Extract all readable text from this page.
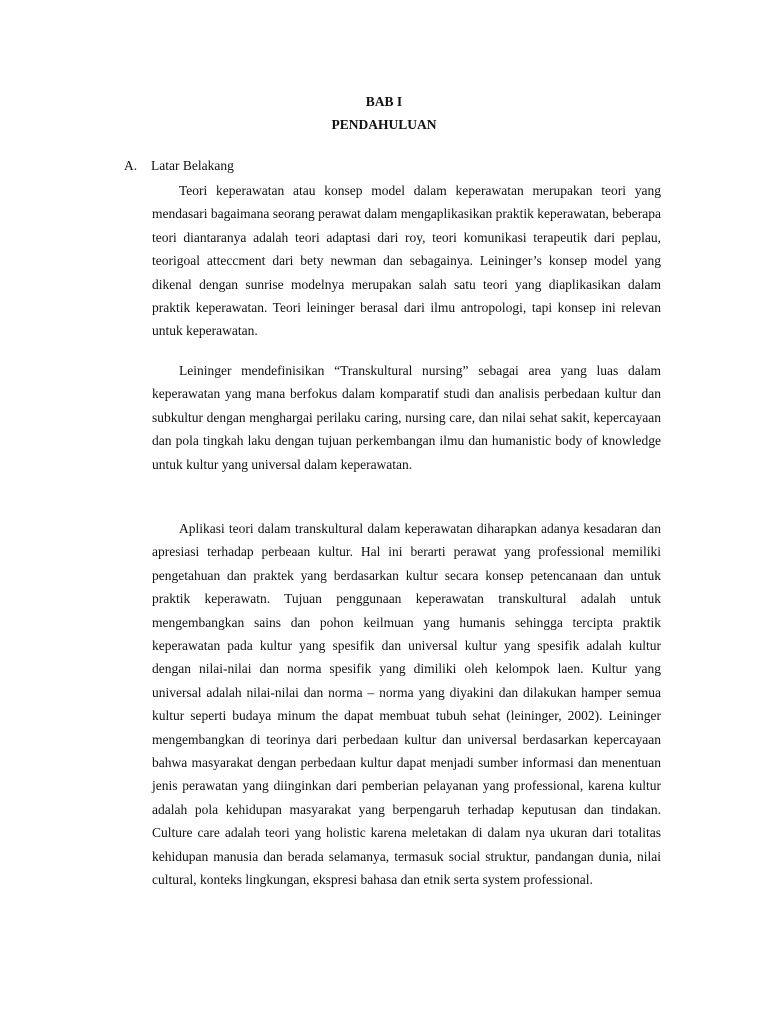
BAB I
PENDAHULUAN
A. Latar Belakang

Teori keperawatan atau konsep model dalam keperawatan merupakan teori yang mendasari bagaimana seorang perawat dalam mengaplikasikan praktik keperawatan, beberapa teori diantaranya adalah teori adaptasi dari roy, teori komunikasi terapeutik dari peplau, teorigoal atteccment dari bety newman dan sebagainya. Leininger’s konsep model yang dikenal dengan sunrise modelnya merupakan salah satu teori yang diaplikasikan dalam praktik keperawatan. Teori leininger berasal dari ilmu antropologi, tapi konsep ini relevan untuk keperawatan.

Leininger mendefinisikan “Transkultural nursing” sebagai area yang luas dalam keperawatan yang mana berfokus dalam komparatif studi dan analisis perbedaan kultur dan subkultur dengan menghargai perilaku caring, nursing care, dan nilai sehat sakit, kepercayaan dan pola tingkah laku dengan tujuan perkembangan ilmu dan humanistic body of knowledge untuk kultur yang universal dalam keperawatan.

Aplikasi teori dalam transkultural dalam keperawatan diharapkan adanya kesadaran dan apresiasi terhadap perbeaan kultur. Hal ini berarti perawat yang professional memiliki pengetahuan dan praktek yang berdasarkan kultur secara konsep petencanaan dan untuk praktik keperawatn. Tujuan penggunaan keperawatan transkultural adalah untuk mengembangkan sains dan pohon keilmuan yang humanis sehingga tercipta praktik keperawatan pada kultur yang spesifik dan universal kultur yang spesifik adalah kultur dengan nilai-nilai dan norma spesifik yang dimiliki oleh kelompok laen. Kultur yang universal adalah nilai-nilai dan norma – norma yang diyakini dan dilakukan hamper semua kultur seperti budaya minum the dapat membuat tubuh sehat (leininger, 2002). Leininger mengembangkan di teorinya dari perbedaan kultur dan universal berdasarkan kepercayaan bahwa masyarakat dengan perbedaan kultur dapat menjadi sumber informasi dan menentuan jenis perawatan yang diinginkan dari pemberian pelayanan yang professional, karena kultur adalah pola kehidupan masyarakat yang berpengaruh terhadap keputusan dan tindakan. Culture care adalah teori yang holistic karena meletakan di dalam nya ukuran dari totalitas kehidupan manusia dan berada selamanya, termasuk social struktur, pandangan dunia, nilai cultural, konteks lingkungan, ekspresi bahasa dan etnik serta system professional.
